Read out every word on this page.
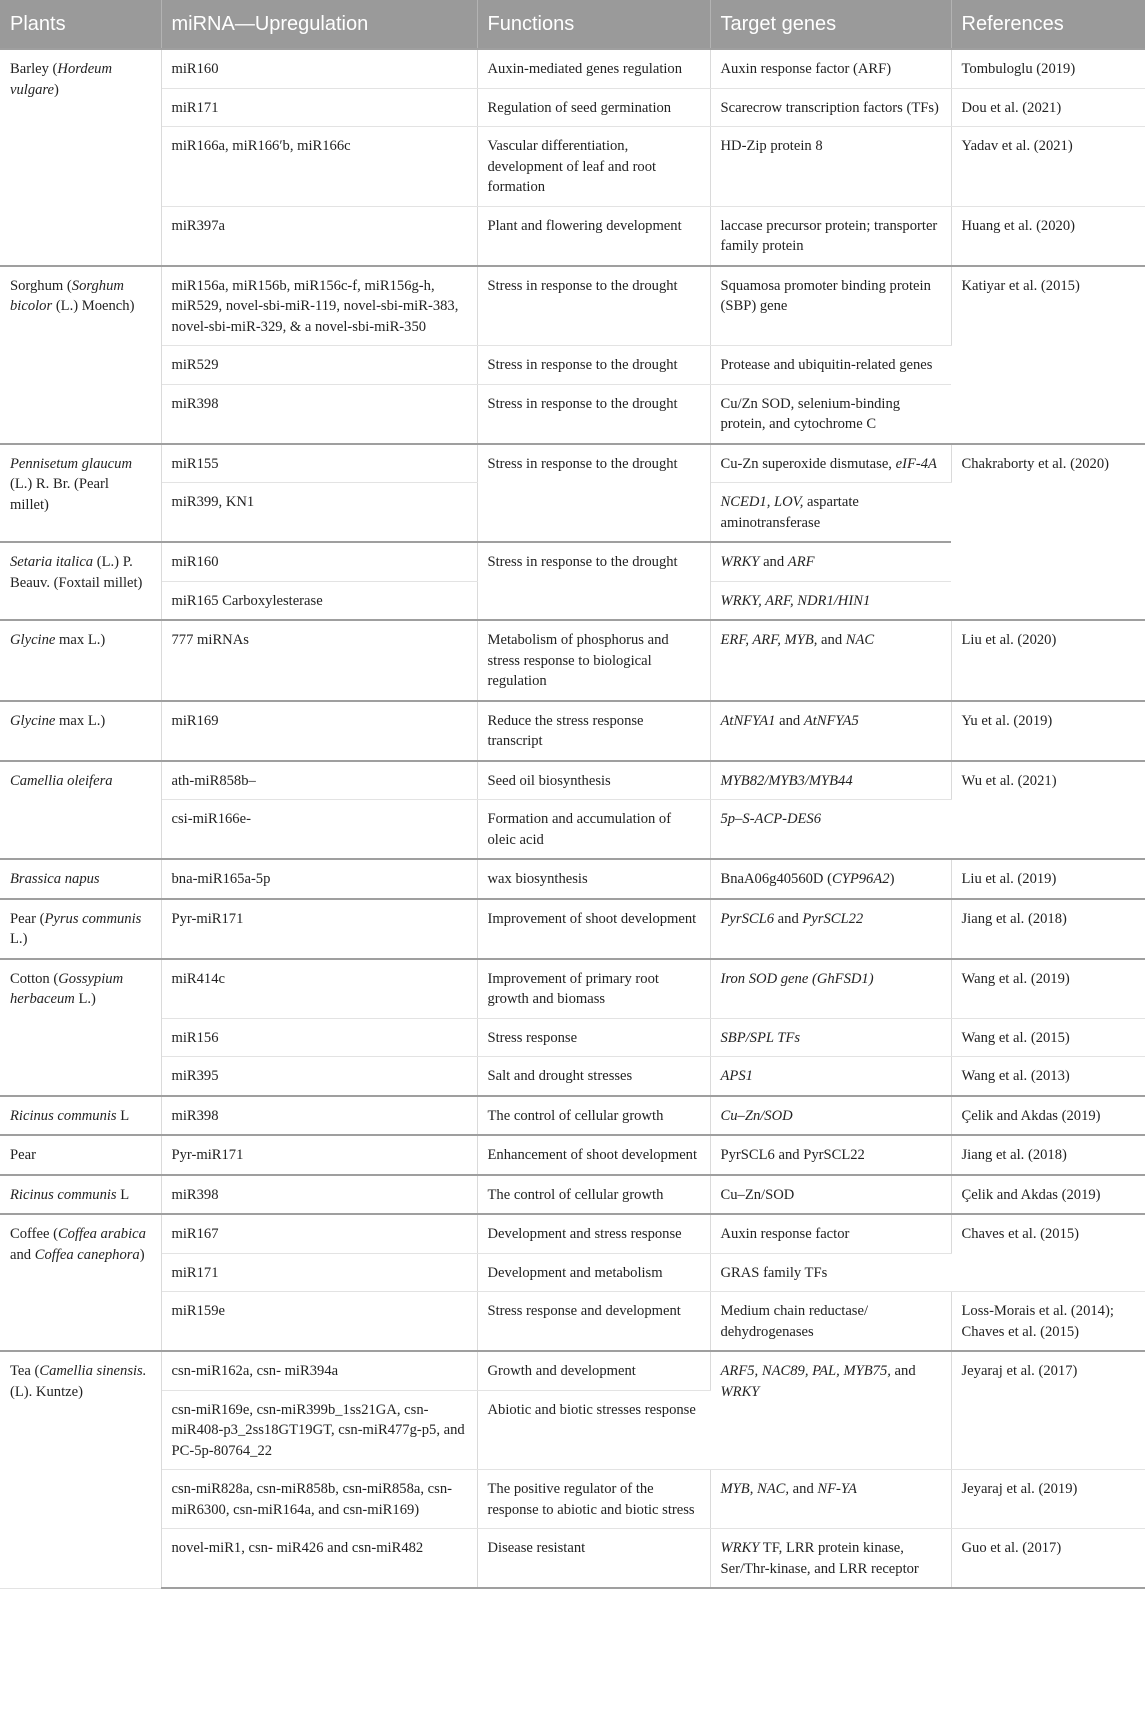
Plants	miRNA—Upregulation	Functions	Target genes	References
Barley (Hordeum vulgare)	miR160	Auxin-mediated genes regulation	Auxin response factor (ARF)	Tombuloglu (2019)
	miR171	Regulation of seed germination	Scarecrow transcription factors (TFs)	Dou et al. (2021)
	miR166a, miR166′b, miR166c	Vascular differentiation, development of leaf and root formation	HD-Zip protein 8	Yadav et al. (2021)
	miR397a	Plant and flowering development	laccase precursor protein; transporter family protein	Huang et al. (2020)
Sorghum (Sorghum bicolor (L.) Moench)	miR156a, miR156b, miR156c-f, miR156g-h, miR529, novel-sbi-miR-119, novel-sbi-miR-383, novel-sbi-miR-329, & a novel-sbi-miR-350	Stress in response to the drought	Squamosa promoter binding protein (SBP) gene	Katiyar et al. (2015)
	miR529	Stress in response to the drought	Protease and ubiquitin-related genes	
	miR398	Stress in response to the drought	Cu/Zn SOD, selenium-binding protein, and cytochrome C	
Pennisetum glaucum (L.) R. Br. (Pearl millet)	miR155	Stress in response to the drought	Cu-Zn superoxide dismutase, eIF-4A	Chakraborty et al. (2020)
	miR399, KN1		NCED1, LOV, aspartate aminotransferase	
Setaria italica (L.) P. Beauv. (Foxtail millet)	miR160	Stress in response to the drought	WRKY and ARF	
	miR165 Carboxylesterase		WRKY, ARF, NDR1/HIN1	
Glycine max L.)	777 miRNAs	Metabolism of phosphorus and stress response to biological regulation	ERF, ARF, MYB, and NAC	Liu et al. (2020)
Glycine max L.)	miR169	Reduce the stress response transcript	AtNFYA1 and AtNFYA5	Yu et al. (2019)
Camellia oleifera	ath-miR858b–	Seed oil biosynthesis	MYB82/MYB3/MYB44	Wu et al. (2021)
	csi-miR166e-	Formation and accumulation of oleic acid	5p–S-ACP-DES6	
Brassica napus	bna-miR165a-5p	wax biosynthesis	BnaA06g40560D (CYP96A2)	Liu et al. (2019)
Pear (Pyrus communis L.)	Pyr-miR171	Improvement of shoot development	PyrSCL6 and PyrSCL22	Jiang et al. (2018)
Cotton (Gossypium herbaceum L.)	miR414c	Improvement of primary root growth and biomass	Iron SOD gene (GhFSD1)	Wang et al. (2019)
	miR156	Stress response	SBP/SPL TFs	Wang et al. (2015)
	miR395	Salt and drought stresses	APS1	Wang et al. (2013)
Ricinus communis L	miR398	The control of cellular growth	Cu–Zn/SOD	Çelik and Akdas (2019)
Pear	Pyr-miR171	Enhancement of shoot development	PyrSCL6 and PyrSCL22	Jiang et al. (2018)
Ricinus communis L	miR398	The control of cellular growth	Cu–Zn/SOD	Çelik and Akdas (2019)
Coffee (Coffea arabica and Coffea canephora)	miR167	Development and stress response	Auxin response factor	Chaves et al. (2015)
	miR171	Development and metabolism	GRAS family TFs	
	miR159e	Stress response and development	Medium chain reductase/ dehydrogenases	Loss-Morais et al. (2014); Chaves et al. (2015)
Tea (Camellia sinensis. (L). Kuntze)	csn-miR162a, csn- miR394a	Growth and development	ARF5, NAC89, PAL, MYB75, and WRKY	Jeyaraj et al. (2017)
	csn-miR169e, csn-miR399b_1ss21GA, csn-miR408-p3_2ss18GT19GT, csn-miR477g-p5, and PC-5p-80764_22	Abiotic and biotic stresses response		
	csn-miR828a, csn-miR858b, csn-miR858a, csn-miR6300, csn-miR164a, and csn-miR169)	The positive regulator of the response to abiotic and biotic stress	MYB, NAC, and NF-YA	Jeyaraj et al. (2019)
	novel-miR1, csn- miR426 and csn-miR482	Disease resistant	WRKY TF, LRR protein kinase, Ser/Thr-kinase, and LRR receptor	Guo et al. (2017)
